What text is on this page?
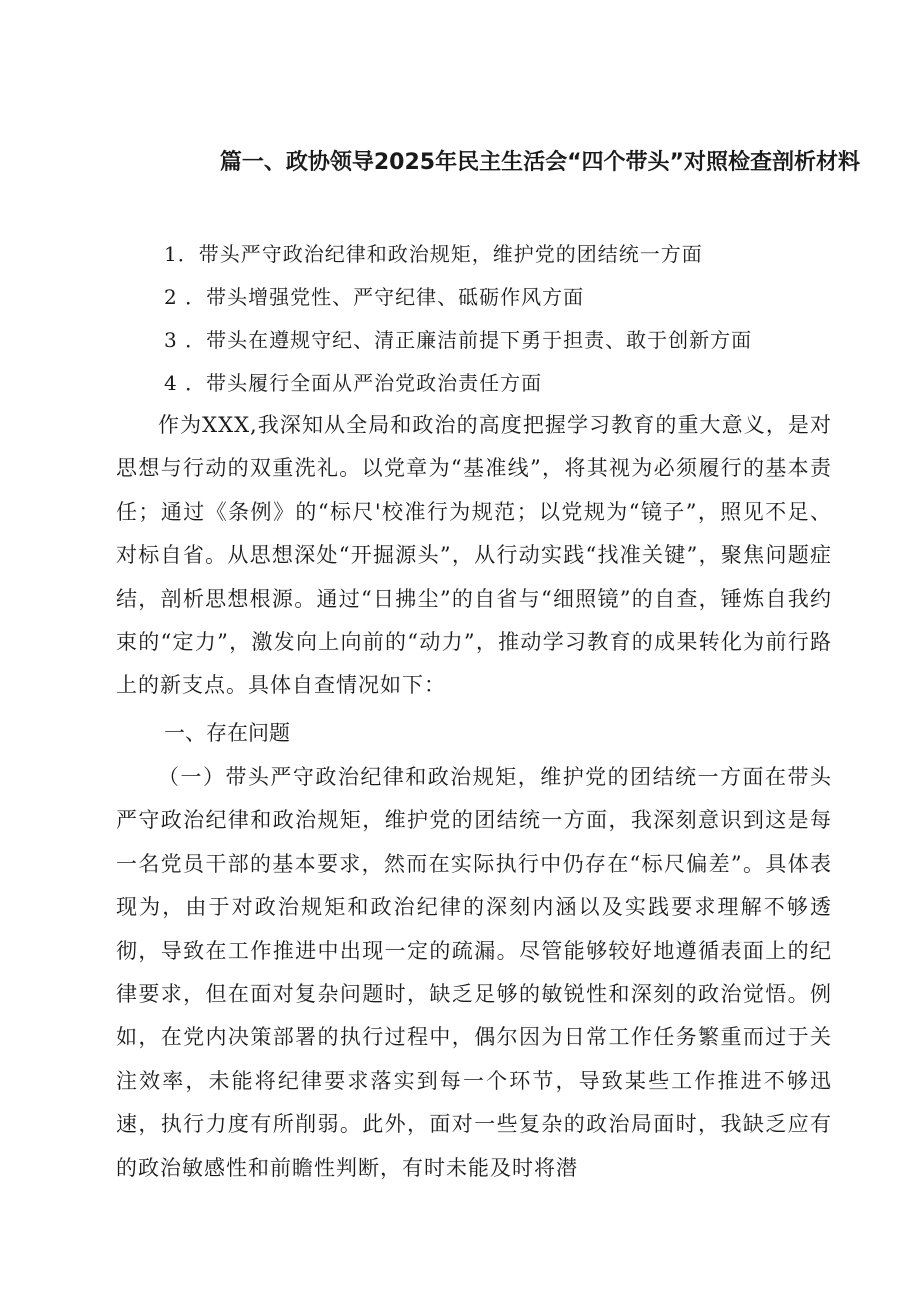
篇一、政协领导2025年民主生活会“四个带头”对照检查剖析材料
1．带头严守政治纪律和政治规矩，维护党的团结统一方面
2 ．带头增强党性、严守纪律、砥砺作风方面
3 ．带头在遵规守纪、清正廉洁前提下勇于担责、敢于创新方面
4 ．带头履行全面从严治党政治责任方面

作为XXX,我深知从全局和政治的高度把握学习教育的重大意义，是对思想与行动的双重洗礼。以党章为“基准线”，将其视为必须履行的基本责任；通过《条例》的“标尺'校准行为规范；以党规为“镜子”，照见不足、对标自省。从思想深处“开掘源头”，从行动实践“找准关键”，聚焦问题症结，剖析思想根源。通过“日拂尘”的自省与“细照镜”的自查，锤炼自我约束的“定力”，激发向上向前的“动力”，推动学习教育的成果转化为前行路上的新支点。具体自查情况如下：

一、存在问题

（一）带头严守政治纪律和政治规矩，维护党的团结统一方面在带头严守政治纪律和政治规矩，维护党的团结统一方面，我深刻意识到这是每一名党员干部的基本要求，然而在实际执行中仍存在“标尺偏差”。具体表现为，由于对政治规矩和政治纪律的深刻内涵以及实践要求理解不够透彻，导致在工作推进中出现一定的疏漏。尽管能够较好地遵循表面上的纪律要求，但在面对复杂问题时，缺乏足够的敏锐性和深刻的政治觉悟。例如，在党内决策部署的执行过程中，偶尔因为日常工作任务繁重而过于关注效率，未能将纪律要求落实到每一个环节，导致某些工作推进不够迅速，执行力度有所削弱。此外，面对一些复杂的政治局面时，我缺乏应有的政治敏感性和前瞻性判断，有时未能及时将潜
